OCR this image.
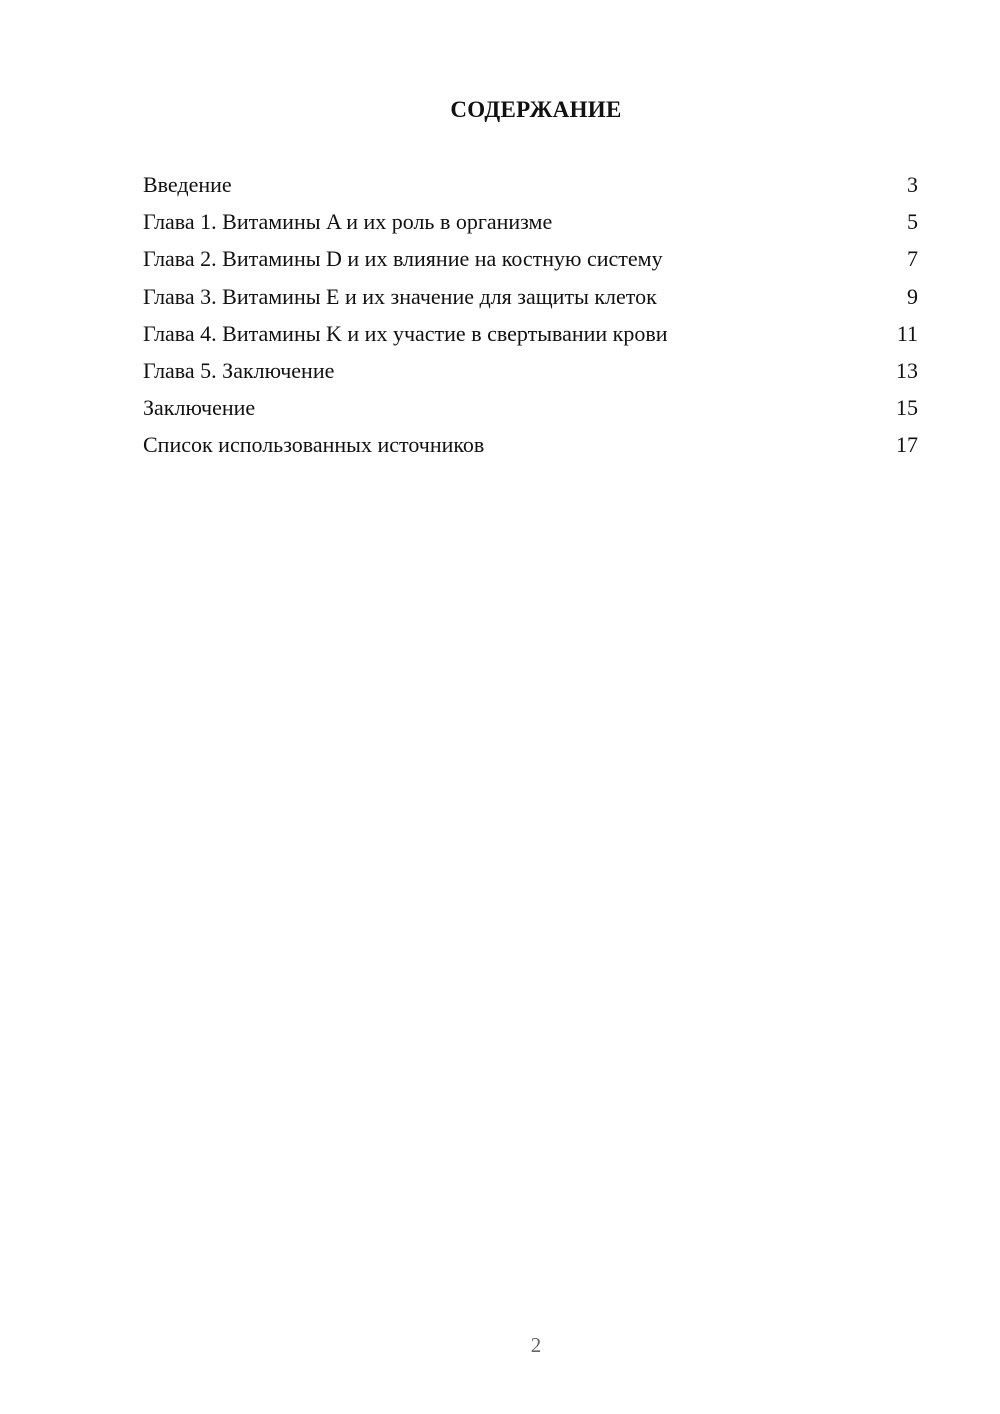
СОДЕРЖАНИЕ
Введение	3
Глава 1. Витамины A и их роль в организме	5
Глава 2. Витамины D и их влияние на костную систему	7
Глава 3. Витамины E и их значение для защиты клеток	9
Глава 4. Витамины K и их участие в свертывании крови	11
Глава 5. Заключение	13
Заключение	15
Список использованных источников	17
2
